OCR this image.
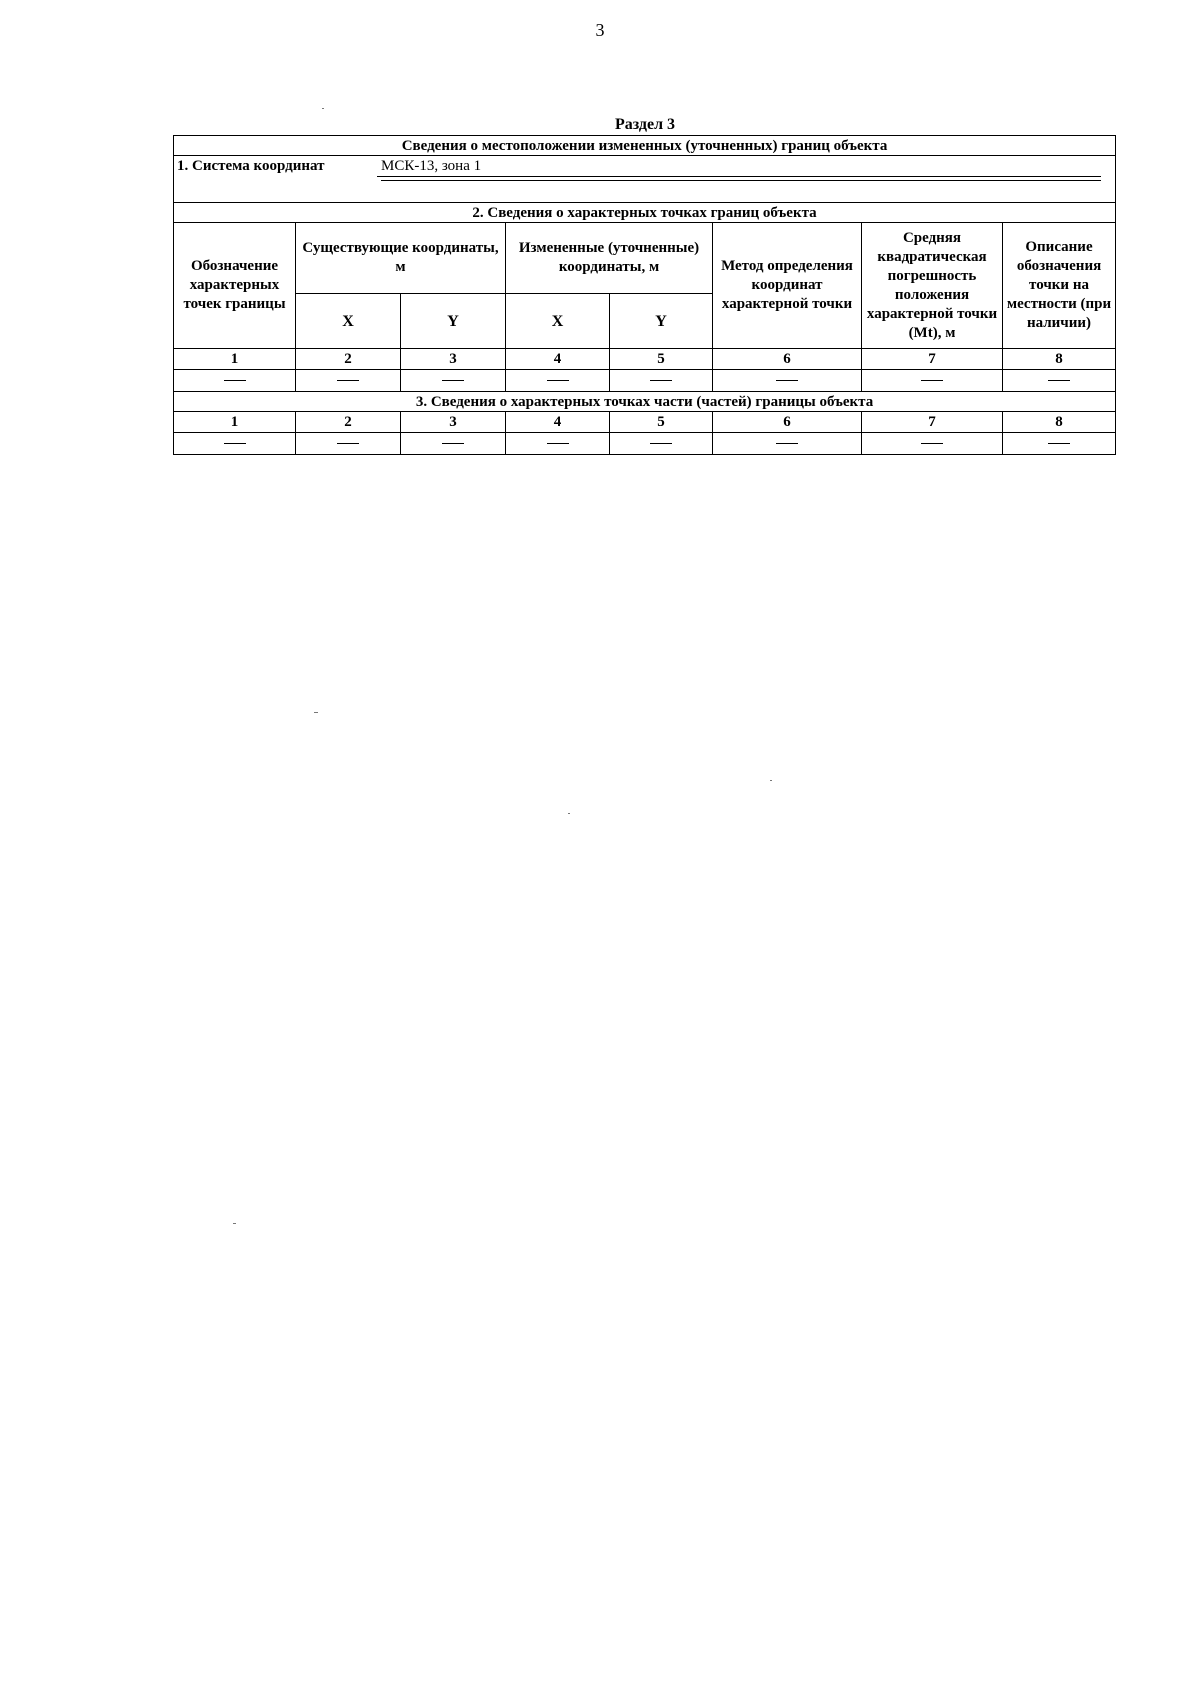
3
Раздел 3
Сведения о местоположении измененных (уточненных) границ объекта							
1. Система координат МСК-13, зона 1							

2. Сведения о характерных точках границ объекта							
Обозначение характерных точек границы	Существующие координаты, м		Измененные (уточненные) координаты, м		Метод определения координат характерной точки	Средняя квадратическая погрешность положения характерной точки (Mt), м	Описание обозначения точки на местности (при наличии)
	X	Y	X	Y			
1	2	3	4	5	6	7	8

3. Сведения о характерных точках части (частей) границы объекта							
1	2	3	4	5	6	7	8
